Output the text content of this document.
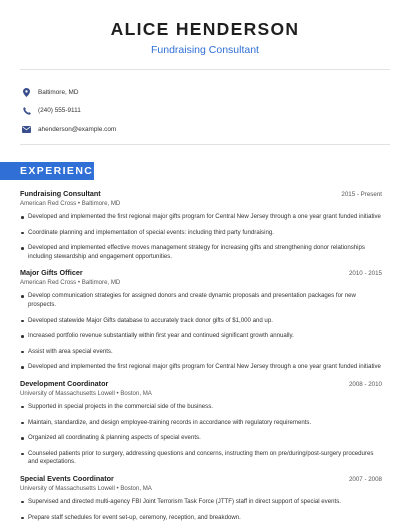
ALICE HENDERSON
Fundraising Consultant
Baltimore, MD
(240) 555-9111
ahenderson@example.com
EXPERIENCE
Fundraising Consultant	2015 - Present
American Red Cross • Baltimore, MD
Developed and implemented the first regional major gifts program for Central New Jersey through a one year grant funded initiative
Coordinate planning and implementation of special events: including third party fundraising.
Developed and implemented effective moves management strategy for increasing gifts and strengthening donor relationships including stewardship and engagement opportunities.
Major Gifts Officer	2010 - 2015
American Red Cross • Baltimore, MD
Develop communication strategies for assigned donors and create dynamic proposals and presentation packages for new prospects.
Developed statewide Major Gifts database to accurately track donor gifts of $1,000 and up.
Increased portfolio revenue substantially within first year and continued significant growth annually.
Assist with area special events.
Developed and implemented the first regional major gifts program for Central New Jersey through a one year grant funded initiative
Development Coordinator	2008 - 2010
University of Massachusetts Lowell • Boston, MA
Supported in special projects in the commercial side of the business.
Maintain, standardize, and design employee-training records in accordance with regulatory requirements.
Organized all coordinating & planning aspects of special events.
Counseled patients prior to surgery, addressing questions and concerns, instructing them on pre/during/post-surgery procedures and expectations.
Special Events Coordinator	2007 - 2008
University of Massachusetts Lowell • Boston, MA
Supervised and directed multi-agency FBI Joint Terrorism Task Force (JTTF) staff in direct support of special events.
Prepare staff schedules for event set-up, ceremony, reception, and breakdown.
